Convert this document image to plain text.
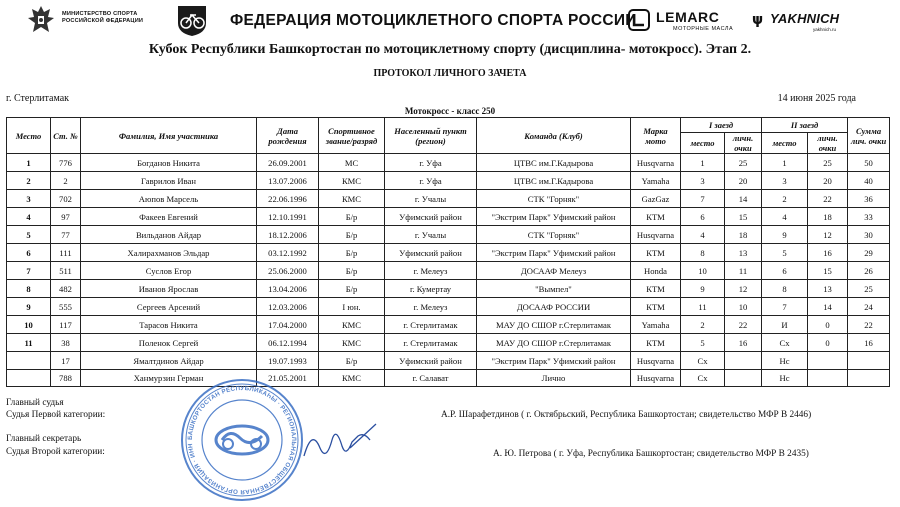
МИНИСТЕРСТВО СПОРТА
РОССИЙСКОЙ ФЕДЕРАЦИИ	ФЕДЕРАЦИЯ МОТОЦИКЛЕТНОГО СПОРТА РОССИИ LEMARC
МОТОРНЫЕ МАСЛА
ψ YAKHNICH
yakhnich.ru
Кубок Республики Башкортостан по мотоциклетному спорту (дисциплина- мотокросс). Этап 2.
ПРОТОКОЛ ЛИЧНОГО ЗАЧЕТА
г. Стерлитамак	14 июня 2025 года
Мотокросс - класс 250
Место	Ст. №	Фамилия, Имя участника	Дата рождения	Спортивное звание/разряд	Населенный пункт (регион)	Команда (Клуб)	Марка мото	I заезд		II заезд		Сумма лич. очки
								место	личн. очки	место	личн. очки	
1	776	Богданов Никита	26.09.2001	МС	г. Уфа	ЦТВС им.Г.Кадырова	Husqvarna	1	25	1	25	50
2	2	Гаврилов Иван	13.07.2006	КМС	г. Уфа	ЦТВС им.Г.Кадырова	Yamaha	3	20	3	20	40
3	702	Аюпов Марсель	22.06.1996	КМС	г. Учалы	СТК "Горняк"	GazGaz	7	14	2	22	36
4	97	Факеев Евгений	12.10.1991	Б/р	Уфимский район	"Экстрим Парк" Уфимский район	КТМ	6	15	4	18	33
5	77	Вильданов Айдар	18.12.2006	Б/р	г. Учалы	СТК "Горняк"	Husqvarna	4	18	9	12	30
6	111	Халирахманов Эльдар	03.12.1992	Б/р	Уфимский район	"Экстрим Парк" Уфимский район	КТМ	8	13	5	16	29
7	511	Суслов Егор	25.06.2000	Б/р	г. Мелеуз	ДОСААФ Мелеуз	Honda	10	11	6	15	26
8	482	Иванов Ярослав	13.04.2006	Б/р	г. Кумертау	"Вымпел"	КТМ	9	12	8	13	25
9	555	Сергеев Арсений	12.03.2006	I юн.	г. Мелеуз	ДОСААФ РОССИИ	КТМ	11	10	7	14	24
10	117	Тарасов Никита	17.04.2000	КМС	г. Стерлитамак	МАУ ДО СШОР г.Стерлитамак	Yamaha	2	22	И	0	22
11	38	Поленок Сергей	06.12.1994	КМС	г. Стерлитамак	МАУ ДО СШОР г.Стерлитамак	КТМ	5	16	Сх	0	16
	17	Ямалтдинов Айдар	19.07.1993	Б/р	Уфимский район	"Экстрим Парк" Уфимский район	Husqvarna	Сх		Нс		
	788	Ханмурзин Герман	21.05.2001	КМС	г. Салават	Лично	Husqvarna	Сх		Нс		
Главный судья
Судья Первой категории:	А.Р. Шарафетдинов ( г. Октябрьский, Республика Башкортостан; свидетельство МФР В 2446)
Главный секретарь
Судья Второй категории:	А. Ю. Петрова ( г. Уфа, Республика Башкортостан; свидетельство МФР В 2435)
БАШКОРТОСТАН РЕСПУБЛИКАҺЫ · РЕГИОНАЛЬНАЯ ОБЩЕСТВЕННАЯ ОРГАНИЗАЦИЯ · ИНН
